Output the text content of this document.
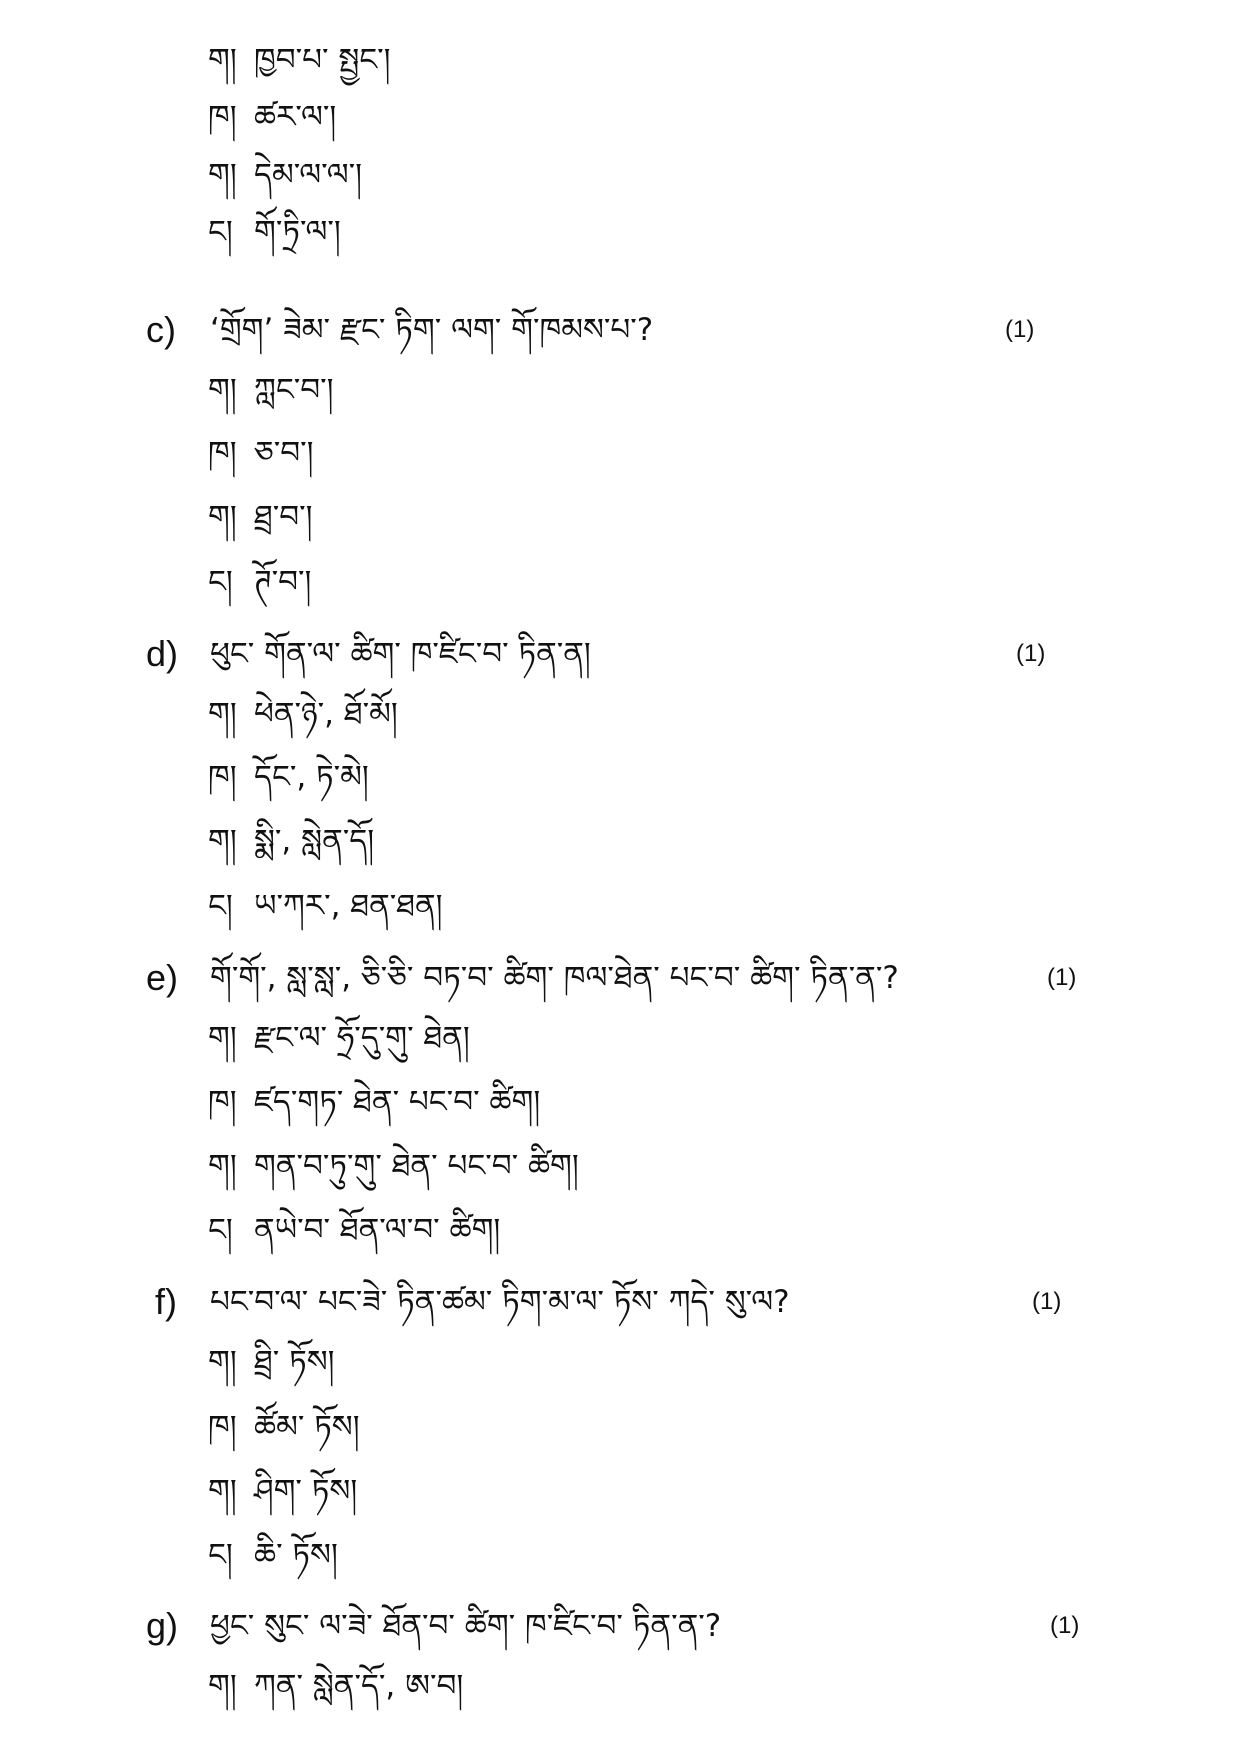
ག། ཁྱབ་པ་ སྤྱང་།
ཁ། ཚར་ལ་།
ག། དེམ་ལ་ལ་།
ང། གོ་ཏྲི་ལ་།
c) ‘གྲོག’ ཟེམ་ རྫང་ ཏིག་ ལག་ གོ་ཁམས་པ་?	(1)
ག། ཀླང་བ་།
ཁ། ཅ་བ་།
ག། ཐྲ་བ་།
ང། ཊོ་བ་།
d) ཕུང་ གོན་ལ་ ཚིག་ ཁ་ཛིང་བ་ ཏིན་ན།	(1)
ག། ཕེན་ཉེ་, ཐོ་མོ།
ཁ། དོང་, ཏེ་མེ།
ག། སྨི་, སླེན་དོ།
ང། ཡ་ཀར་, ཐན་ཐན།
e) གོ་གོ་, སླ་སླ་, ཅི་ཅི་ བཏ་བ་ ཚིག་ ཁལ་ཐེན་ པང་བ་ ཚིག་ ཏིན་ན་?	(1)
ག། རྫང་ལ་ ཧྲོ་དུ་གུ་ ཐེན།
ཁ། ཛད་གཏ་ ཐེན་ པང་བ་ ཚིག།
ག། གན་བ་ཏུ་གུ་ ཐེན་ པང་བ་ ཚིག།
ང། ནཡེ་བ་ ཐོན་ལ་བ་ ཚིག།
f) པང་བ་ལ་ པང་ཟེ་ ཏིན་ཚམ་ ཏིག་མ་ལ་ ཏོས་ ཀདེ་ སུ་ལ?	(1)
ག། ཐྲི་ ཏོས།
ཁ། ཚོམ་ ཏོས།
ག། ཤིག་ ཏོས།
ང། ཆི་ ཏོས།
g) ཕྱང་ སུང་ ལ་ཟེ་ ཐོན་བ་ ཚིག་ ཁ་ཛིང་བ་ ཏིན་ན་?	(1)
ག། ཀན་ སླེན་དོ་, ཨ་བ།
